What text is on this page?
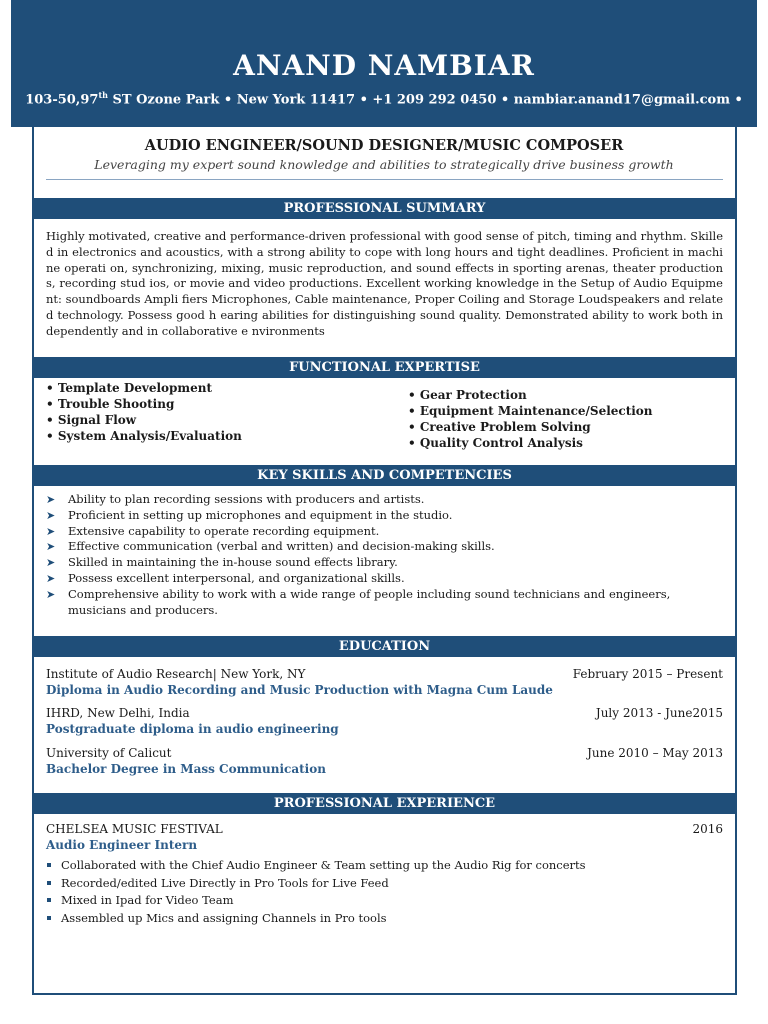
ANAND NAMBIAR
103-50,97th ST Ozone Park • New York 11417 • +1 209 292 0450 • nambiar.anand17@gmail.com •
AUDIO ENGINEER/SOUND DESIGNER/MUSIC COMPOSER
Leveraging my expert sound knowledge and abilities to strategically drive business growth
PROFESSIONAL SUMMARY
Highly motivated, creative and performance-driven professional with good sense of pitch, timing and rhythm. Skilled in electronics and acoustics, with a strong ability to cope with long hours and tight deadlines. Proficient in machine operati on, synchronizing, mixing, music reproduction, and sound effects in sporting arenas, theater productions, recording stud ios, or movie and video productions. Excellent working knowledge in the Setup of Audio Equipment: soundboards Ampli fiers Microphones, Cable maintenance, Proper Coiling and Storage Loudspeakers and related technology. Possess good h earing abilities for distinguishing sound quality. Demonstrated ability to work both independently and in collaborative e nvironments
FUNCTIONAL EXPERTISE
• Template Development
• Trouble Shooting
• Signal Flow
• System Analysis/Evaluation
• Gear Protection
• Equipment Maintenance/Selection
• Creative Problem Solving
• Quality Control Analysis
KEY SKILLS AND COMPETENCIES
➤ Ability to plan recording sessions with producers and artists.
➤ Proficient in setting up microphones and equipment in the studio.
➤ Extensive capability to operate recording equipment.
➤ Effective communication (verbal and written) and decision-making skills.
➤ Skilled in maintaining the in-house sound effects library.
➤ Possess excellent interpersonal, and organizational skills.
➤ Comprehensive ability to work with a wide range of people including sound technicians and engineers, musicians and producers.
EDUCATION
Institute of Audio Research| New York, NY	February 2015 – Present
Diploma in Audio Recording and Music Production with Magna Cum Laude
IHRD, New Delhi, India	July 2013 - June2015
Postgraduate diploma in audio engineering
University of Calicut	June 2010 – May 2013
Bachelor Degree in Mass Communication
PROFESSIONAL EXPERIENCE
CHELSEA MUSIC FESTIVAL	2016
Audio Engineer Intern
Collaborated with the Chief Audio Engineer & Team setting up the Audio Rig for concerts
Recorded/edited Live Directly in Pro Tools for Live Feed
Mixed in Ipad for Video Team
Assembled up Mics and assigning Channels in Pro tools
